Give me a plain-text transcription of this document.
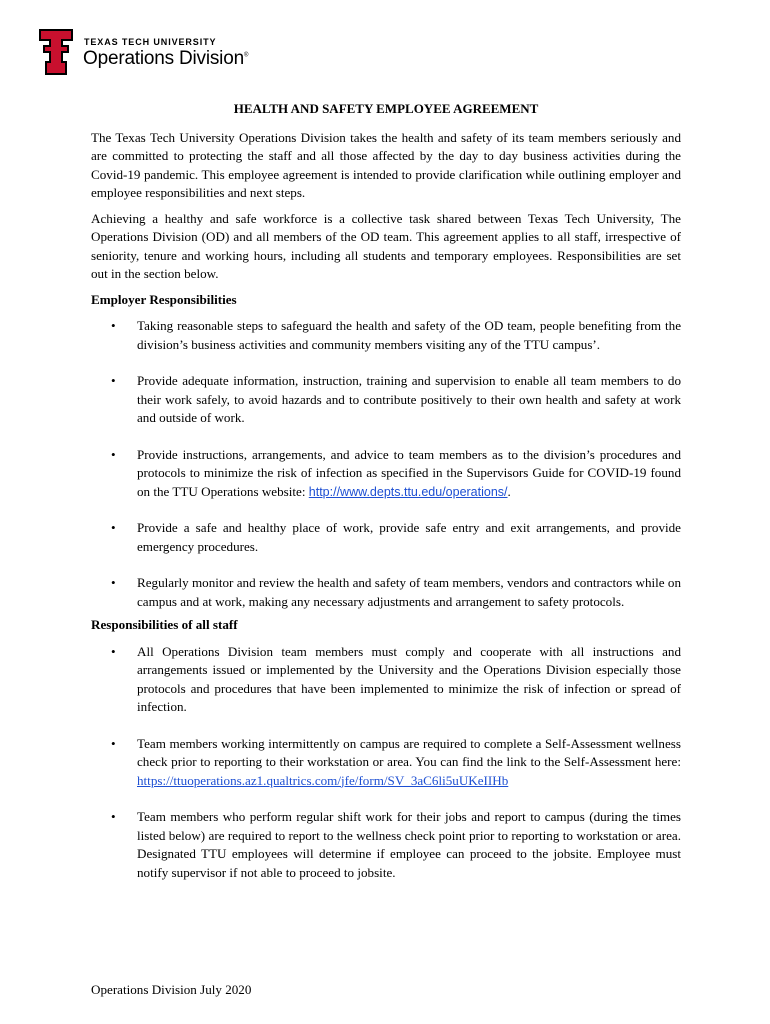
TEXAS TECH UNIVERSITY
Operations Division®
HEALTH AND SAFETY EMPLOYEE AGREEMENT

The Texas Tech University Operations Division takes the health and safety of its team members seriously and are committed to protecting the staff and all those affected by the day to day business activities during the Covid-19 pandemic. This employee agreement is intended to provide clarification while outlining employer and employee responsibilities and next steps.

Achieving a healthy and safe workforce is a collective task shared between Texas Tech University, The Operations Division (OD) and all members of the OD team. This agreement applies to all staff, irrespective of seniority, tenure and working hours, including all students and temporary employees. Responsibilities are set out in the section below.

Employer Responsibilities
• Taking reasonable steps to safeguard the health and safety of the OD team, people benefiting from the division’s business activities and community members visiting any of the TTU campus’.
• Provide adequate information, instruction, training and supervision to enable all team members to do their work safely, to avoid hazards and to contribute positively to their own health and safety at work and outside of work.
• Provide instructions, arrangements, and advice to team members as to the division’s procedures and protocols to minimize the risk of infection as specified in the Supervisors Guide for COVID-19 found on the TTU Operations website: http://www.depts.ttu.edu/operations/.
• Provide a safe and healthy place of work, provide safe entry and exit arrangements, and provide emergency procedures.
• Regularly monitor and review the health and safety of team members, vendors and contractors while on campus and at work, making any necessary adjustments and arrangement to safety protocols.
Responsibilities of all staff
• All Operations Division team members must comply and cooperate with all instructions and arrangements issued or implemented by the University and the Operations Division especially those protocols and procedures that have been implemented to minimize the risk of infection or spread of infection.
• Team members working intermittently on campus are required to complete a Self-Assessment wellness check prior to reporting to their workstation or area. You can find the link to the Self-Assessment here: https://ttuoperations.az1.qualtrics.com/jfe/form/SV_3aC6li5uUKeIIHb
• Team members who perform regular shift work for their jobs and report to campus (during the times listed below) are required to report to the wellness check point prior to reporting to workstation or area. Designated TTU employees will determine if employee can proceed to the jobsite. Employee must notify supervisor if not able to proceed to jobsite.
Operations Division July 2020
